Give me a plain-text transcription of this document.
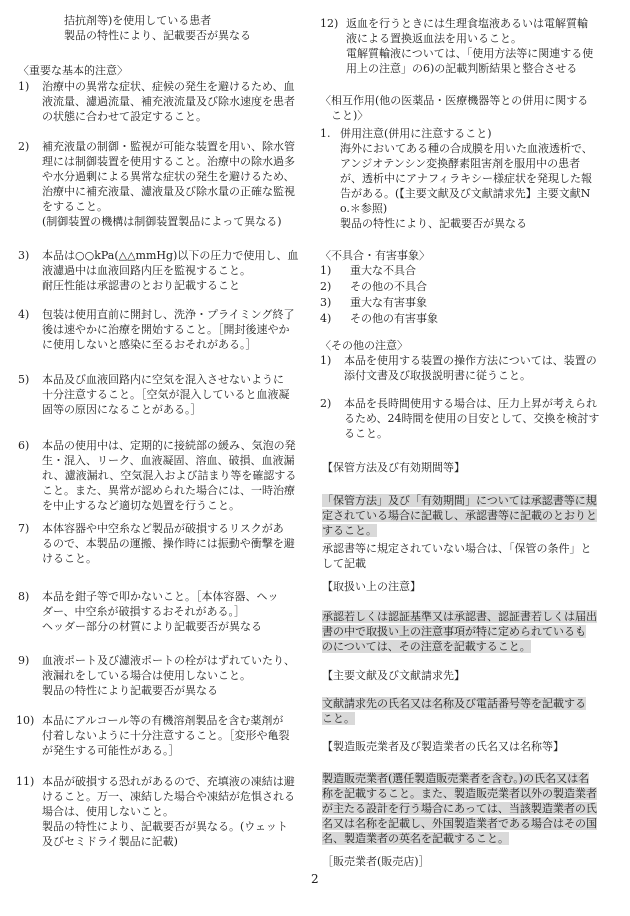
拮抗剤等)を使用している患者
製品の特性により、記載要否が異なる
〈重要な基本的注意〉
1)	治療中の異常な症状、症候の発生を避けるため、血
液流量、濾過流量、補充液流量及び除水速度を患者
の状態に合わせて設定すること。
2)	補充液量の制御・監視が可能な装置を用い、除水管
理には制御装置を使用すること。治療中の除水過多
や水分過剰による異常な症状の発生を避けるため、
治療中に補充液量、濾液量及び除水量の正確な監視
をすること。
(制御装置の機構は制御装置製品によって異なる)
3)	本品は○○kPa(△△mmHg)以下の圧力で使用し、血
液濾過中は血液回路内圧を監視すること。
耐圧性能は承認書のとおり記載すること
4)	包装は使用直前に開封し、洗浄・プライミング終了
後は速やかに治療を開始すること。［開封後速やか
に使用しないと感染に至るおそれがある。］
5)	本品及び血液回路内に空気を混入させないように
十分注意すること。［空気が混入していると血液凝
固等の原因になることがある。］
6)	本品の使用中は、定期的に接続部の緩み、気泡の発
生・混入、リーク、血液凝固、溶血、破損、血液漏
れ、濾液漏れ、空気混入および詰まり等を確認する
こと。また、異常が認められた場合には、一時治療
を中止するなど適切な処置を行うこと。
7)	本体容器や中空糸など製品が破損するリスクがあ
るので、本製品の運搬、操作時には振動や衝撃を避
けること。
8)	本品を鉗子等で叩かないこと。［本体容器、ヘッ
ダー、中空糸が破損するおそれがある。］
ヘッダー部分の材質により記載要否が異なる
9)	血液ポート及び濾液ポートの栓がはずれていたり、
液漏れをしている場合は使用しないこと。
製品の特性により記載要否が異なる
10) 本品にアルコール等の有機溶剤製品を含む薬剤が
付着しないように十分注意すること。［変形や亀裂
が発生する可能性がある。］
11) 本品が破損する恐れがあるので、充填液の凍結は避
けること。万一、凍結した場合や凍結が危惧される
場合は、使用しないこと。
製品の特性により、記載要否が異なる。(ウェット
及びセミドライ製品に記載)
12) 返血を行うときには生理食塩液あるいは電解質輸
液による置換返血法を用いること。
電解質輸液については、「使用方法等に関連する使
用上の注意」の6)の記載判断結果と整合させる
〈相互作用(他の医薬品・医療機器等との併用に関する
　こと)〉
1. 併用注意(併用に注意すること)
海外においてある種の合成膜を用いた血液透析で、
アンジオテンシン変換酵素阻害剤を服用中の患者
が、透析中にアナフィラキシー様症状を発現した報
告がある。(【主要文献及び文献請求先】主要文献N
o.＊参照)
製品の特性により、記載要否が異なる
〈不具合・有害事象〉
1)	重大な不具合
2)	その他の不具合
3)	重大な有害事象
4)	その他の有害事象
〈その他の注意〉
1)	本品を使用する装置の操作方法については、装置の
添付文書及び取扱説明書に従うこと。
2)	本品を長時間使用する場合は、圧力上昇が考えられ
るため、24時間を使用の目安として、交換を検討す
ること。
【保管方法及び有効期間等】
「保管方法」及び「有効期間」については承認書等に規
定されている場合に記載し、承認書等に記載のとおりと
すること。
承認書等に規定されていない場合は、「保管の条件」と
して記載
【取扱い上の注意】
承認若しくは認証基準又は承認書、認証書若しくは届出
書の中で取扱い上の注意事項が特に定められているも
のについては、その注意を記載すること。
【主要文献及び文献請求先】
文献請求先の氏名又は名称及び電話番号等を記載する
こと。
【製造販売業者及び製造業者の氏名又は名称等】
製造販売業者(選任製造販売業者を含む。)の氏名又は名
称を記載すること。また、製造販売業者以外の製造業者
が主たる設計を行う場合にあっては、当該製造業者の氏
名又は名称を記載し、外国製造業者である場合はその国
名、製造業者の英名を記載すること。
［販売業者(販売店)］
2
